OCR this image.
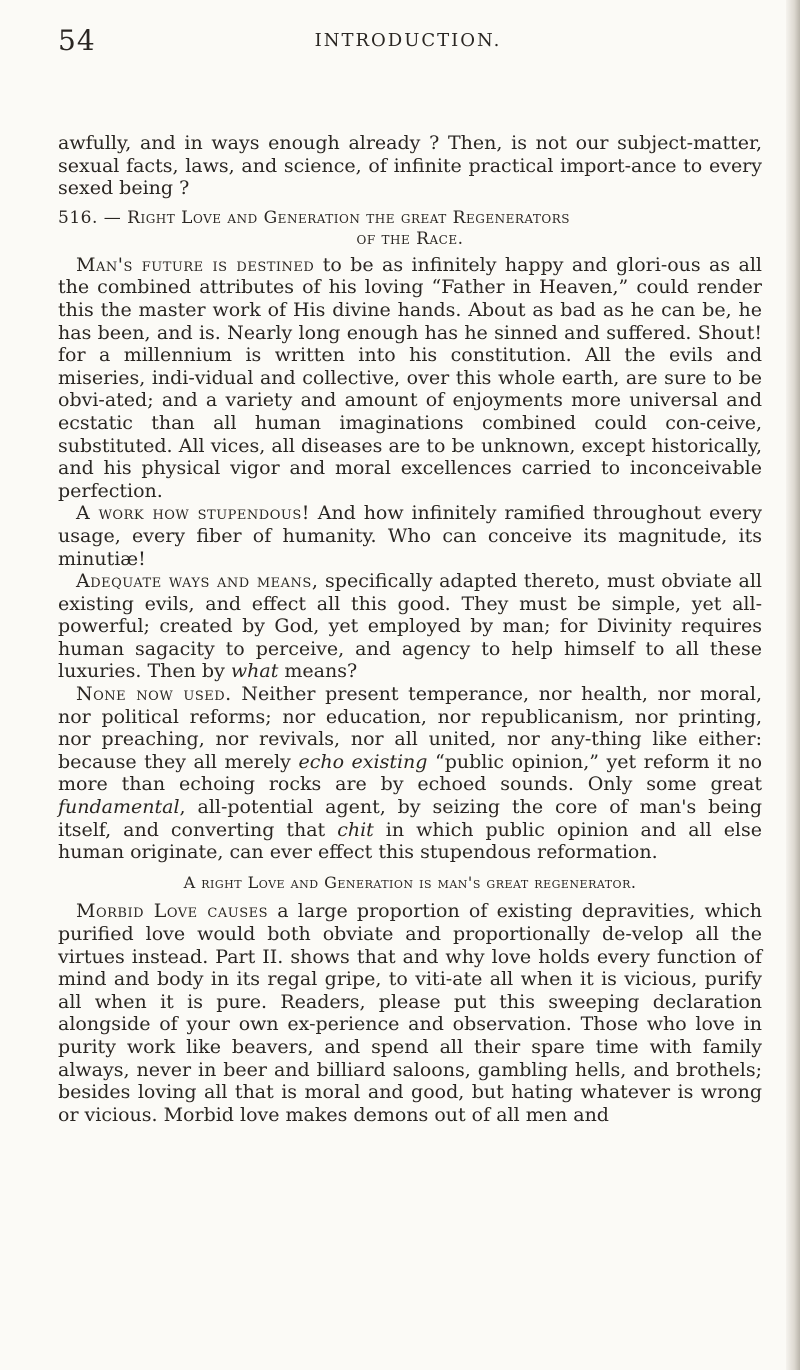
54	INTRODUCTION.

awfully, and in ways enough already ? Then, is not our subject-matter, sexual facts, laws, and science, of infinite practical import-ance to every sexed being ?

516. — Right Love and Generation the great Regenerators
of the Race.

Man's future is destined to be as infinitely happy and glori-ous as all the combined attributes of his loving “Father in Heaven,” could render this the master work of His divine hands. About as bad as he can be, he has been, and is. Nearly long enough has he sinned and suffered. Shout! for a millennium is written into his constitution. All the evils and miseries, indi-vidual and collective, over this whole earth, are sure to be obvi-ated; and a variety and amount of enjoyments more universal and ecstatic than all human imaginations combined could con-ceive, substituted. All vices, all diseases are to be unknown, except historically, and his physical vigor and moral excellences carried to inconceivable perfection.

A work how stupendous! And how infinitely ramified throughout every usage, every fiber of humanity. Who can conceive its magnitude, its minutiæ!

Adequate ways and means, specifically adapted thereto, must obviate all existing evils, and effect all this good. They must be simple, yet all-powerful; created by God, yet employed by man; for Divinity requires human sagacity to perceive, and agency to help himself to all these luxuries. Then by what means?

None now used. Neither present temperance, nor health, nor moral, nor political reforms; nor education, nor republicanism, nor printing, nor preaching, nor revivals, nor all united, nor any-thing like either: because they all merely echo existing “public opinion,” yet reform it no more than echoing rocks are by echoed sounds. Only some great fundamental, all-potential agent, by seizing the core of man's being itself, and converting that chit in which public opinion and all else human originate, can ever effect this stupendous reformation.

A right Love and Generation is man's great regenerator.

Morbid Love causes a large proportion of existing depravities, which purified love would both obviate and proportionally de-velop all the virtues instead. Part II. shows that and why love holds every function of mind and body in its regal gripe, to viti-ate all when it is vicious, purify all when it is pure. Readers, please put this sweeping declaration alongside of your own ex-perience and observation. Those who love in purity work like beavers, and spend all their spare time with family always, never in beer and billiard saloons, gambling hells, and brothels; besides loving all that is moral and good, but hating whatever is wrong or vicious. Morbid love makes demons out of all men and
